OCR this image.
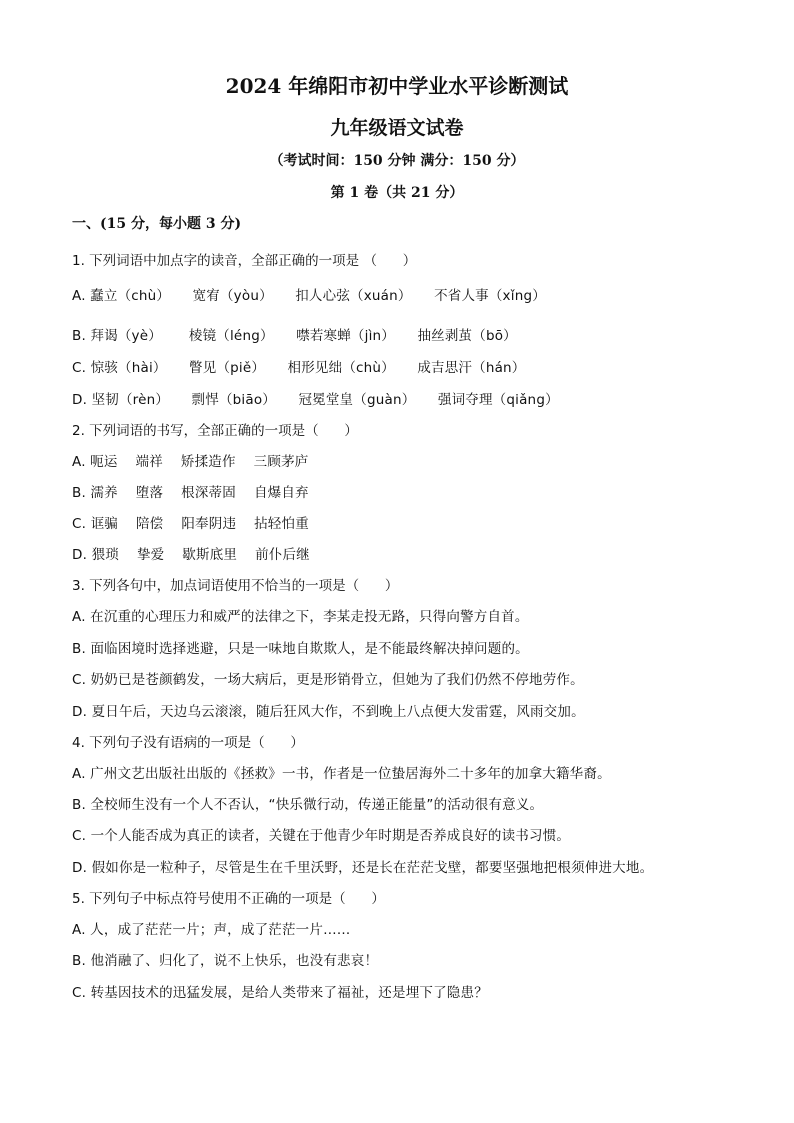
2024 年绵阳市初中学业水平诊断测试
九年级语文试卷
（考试时间：150 分钟 满分：150 分）
第 1 卷（共 21 分）
一、(15 分，每小题 3 分)
1. 下列词语中加点字的读音，全部正确的一项是 （      ）
A. 蠢立（chù）     宽宥（yòu）     扣人心弦（xuán）     不省人事（xǐng）
B. 拜谒（yè）      棱镜（léng）     噤若寒蝉（jìn）     抽丝剥茧（bō）
C. 惊骇（hài）     瞥见（piě）     相形见绌（chù）     成吉思汗（hán）
D. 坚韧（rèn）     剽悍（biāo）     冠冕堂皇（guàn）     强词夺理（qiǎng）
2. 下列词语的书写，全部正确的一项是（      ）
A. 呃运    端祥    矫揉造作    三顾茅庐
B. 濡养    堕落    根深蒂固    自爆自弃
C. 诓骗    陪偿    阳奉阴违    拈轻怕重
D. 猥琐    挚爱    歇斯底里    前仆后继
3. 下列各句中，加点词语使用不恰当的一项是（      ）
A. 在沉重的心理压力和威严的法律之下，李某走投无路，只得向警方自首。
B. 面临困境时选择逃避，只是一味地自欺欺人，是不能最终解决掉问题的。
C. 奶奶已是苍颜鹤发，一场大病后，更是形销骨立，但她为了我们仍然不停地劳作。
D. 夏日午后，天边乌云滚滚，随后狂风大作，不到晚上八点便大发雷霆，风雨交加。
4. 下列句子没有语病的一项是（      ）
A. 广州文艺出版社出版的《拯救》一书，作者是一位蛰居海外二十多年的加拿大籍华裔。
B. 全校师生没有一个人不否认，“快乐微行动，传递正能量”的活动很有意义。
C. 一个人能否成为真正的读者，关键在于他青少年时期是否养成良好的读书习惯。
D. 假如你是一粒种子，尽管是生在千里沃野，还是长在茫茫戈壁，都要坚强地把根须伸进大地。
5. 下列句子中标点符号使用不正确的一项是（      ）
A. 人，成了茫茫一片；声，成了茫茫一片……
B. 他消融了、归化了，说不上快乐，也没有悲哀！
C. 转基因技术的迅猛发展，是给人类带来了福祉，还是埋下了隐患？
